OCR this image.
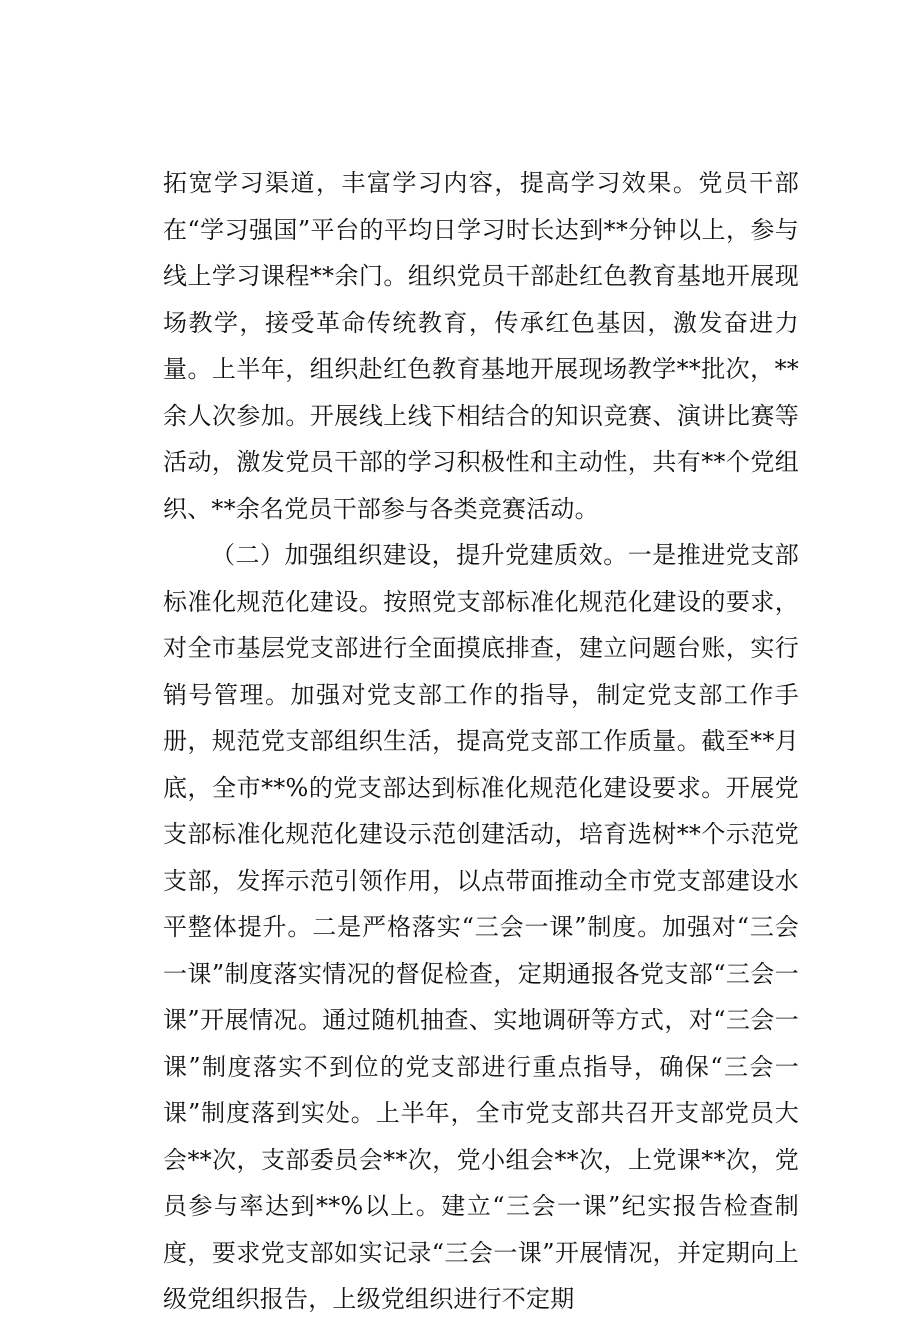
拓宽学习渠道，丰富学习内容，提高学习效果。党员干部在“学习强国”平台的平均日学习时长达到**分钟以上，参与线上学习课程**余门。组织党员干部赴红色教育基地开展现场教学，接受革命传统教育，传承红色基因，激发奋进力量。上半年，组织赴红色教育基地开展现场教学**批次，**余人次参加。开展线上线下相结合的知识竞赛、演讲比赛等活动，激发党员干部的学习积极性和主动性，共有**个党组织、**余名党员干部参与各类竞赛活动。

（二）加强组织建设，提升党建质效。一是推进党支部标准化规范化建设。按照党支部标准化规范化建设的要求，对全市基层党支部进行全面摸底排查，建立问题台账，实行销号管理。加强对党支部工作的指导，制定党支部工作手册，规范党支部组织生活，提高党支部工作质量。截至**月底，全市**%的党支部达到标准化规范化建设要求。开展党支部标准化规范化建设示范创建活动，培育选树**个示范党支部，发挥示范引领作用，以点带面推动全市党支部建设水平整体提升。二是严格落实“三会一课”制度。加强对“三会一课”制度落实情况的督促检查，定期通报各党支部“三会一课”开展情况。通过随机抽查、实地调研等方式，对“三会一课”制度落实不到位的党支部进行重点指导，确保“三会一课”制度落到实处。上半年，全市党支部共召开支部党员大会**次，支部委员会**次，党小组会**次，上党课**次，党员参与率达到**%以上。建立“三会一课”纪实报告检查制度，要求党支部如实记录“三会一课”开展情况，并定期向上级党组织报告，上级党组织进行不定期
